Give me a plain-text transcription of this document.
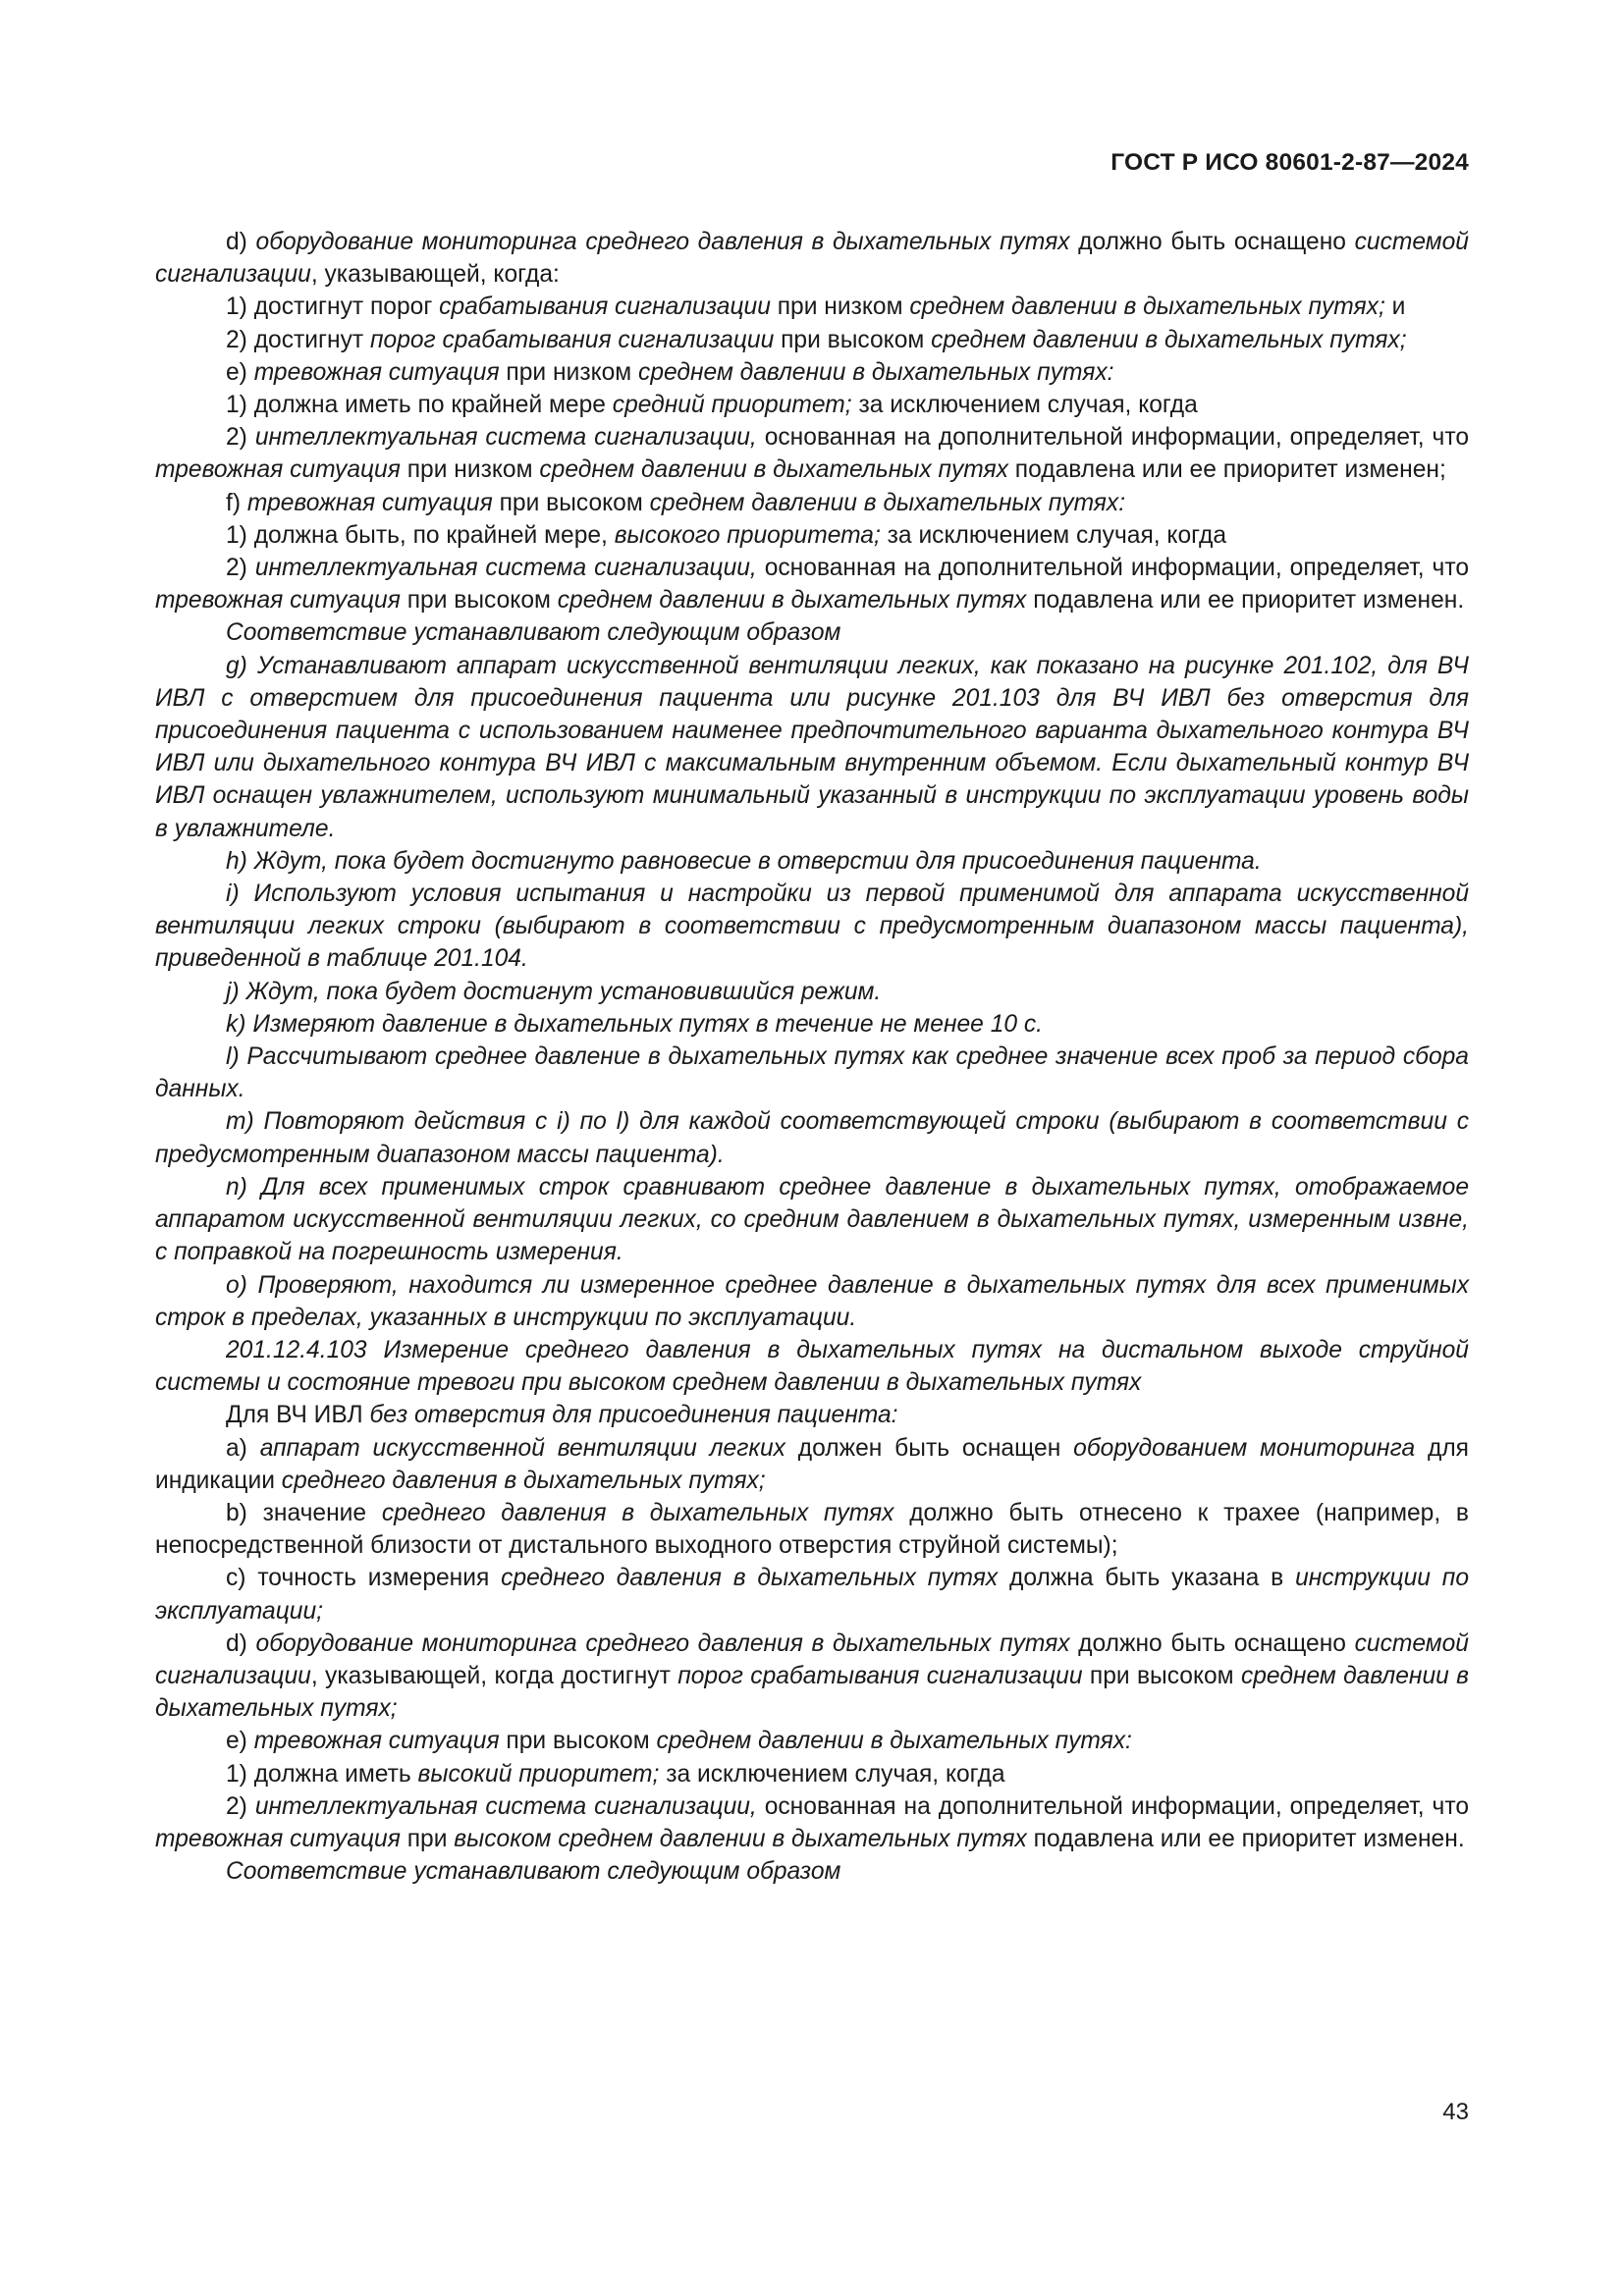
ГОСТ Р ИСО 80601-2-87—2024

d) оборудование мониторинга среднего давления в дыхательных путях должно быть оснащено системой сигнализации, указывающей, когда:

1) достигнут порог срабатывания сигнализации при низком среднем давлении в дыхательных путях; и

2) достигнут порог срабатывания сигнализации при высоком среднем давлении в дыхательных путях;

e) тревожная ситуация при низком среднем давлении в дыхательных путях:

1) должна иметь по крайней мере средний приоритет; за исключением случая, когда

2) интеллектуальная система сигнализации, основанная на дополнительной информации, определяет, что тревожная ситуация при низком среднем давлении в дыхательных путях подавлена или ее приоритет изменен;

f) тревожная ситуация при высоком среднем давлении в дыхательных путях:

1) должна быть, по крайней мере, высокого приоритета; за исключением случая, когда

2) интеллектуальная система сигнализации, основанная на дополнительной информации, определяет, что тревожная ситуация при высоком среднем давлении в дыхательных путях подавлена или ее приоритет изменен.

Соответствие устанавливают следующим образом

g) Устанавливают аппарат искусственной вентиляции легких, как показано на рисунке 201.102, для ВЧ ИВЛ с отверстием для присоединения пациента или рисунке 201.103 для ВЧ ИВЛ без отверстия для присоединения пациента с использованием наименее предпочтительного варианта дыхательного контура ВЧ ИВЛ или дыхательного контура ВЧ ИВЛ с максимальным внутренним объемом. Если дыхательный контур ВЧ ИВЛ оснащен увлажнителем, используют минимальный указанный в инструкции по эксплуатации уровень воды в увлажнителе.

h) Ждут, пока будет достигнуто равновесие в отверстии для присоединения пациента.

i) Используют условия испытания и настройки из первой применимой для аппарата искусственной вентиляции легких строки (выбирают в соответствии с предусмотренным диапазоном массы пациента), приведенной в таблице 201.104.

j) Ждут, пока будет достигнут установившийся режим.

k) Измеряют давление в дыхательных путях в течение не менее 10 с.

l) Рассчитывают среднее давление в дыхательных путях как среднее значение всех проб за период сбора данных.

m) Повторяют действия с i) по l) для каждой соответствующей строки (выбирают в соответствии с предусмотренным диапазоном массы пациента).

n) Для всех применимых строк сравнивают среднее давление в дыхательных путях, отображаемое аппаратом искусственной вентиляции легких, со средним давлением в дыхательных путях, измеренным извне, с поправкой на погрешность измерения.

o) Проверяют, находится ли измеренное среднее давление в дыхательных путях для всех применимых строк в пределах, указанных в инструкции по эксплуатации.

201.12.4.103 Измерение среднего давления в дыхательных путях на дистальном выходе струйной системы и состояние тревоги при высоком среднем давлении в дыхательных путях

Для ВЧ ИВЛ без отверстия для присоединения пациента:

a) аппарат искусственной вентиляции легких должен быть оснащен оборудованием мониторинга для индикации среднего давления в дыхательных путях;

b) значение среднего давления в дыхательных путях должно быть отнесено к трахее (например, в непосредственной близости от дистального выходного отверстия струйной системы);

c) точность измерения среднего давления в дыхательных путях должна быть указана в инструкции по эксплуатации;

d) оборудование мониторинга среднего давления в дыхательных путях должно быть оснащено системой сигнализации, указывающей, когда достигнут порог срабатывания сигнализации при высоком среднем давлении в дыхательных путях;

e) тревожная ситуация при высоком среднем давлении в дыхательных путях:

1) должна иметь высокий приоритет; за исключением случая, когда

2) интеллектуальная система сигнализации, основанная на дополнительной информации, определяет, что тревожная ситуация при высоком среднем давлении в дыхательных путях подавлена или ее приоритет изменен.

Соответствие устанавливают следующим образом

43
